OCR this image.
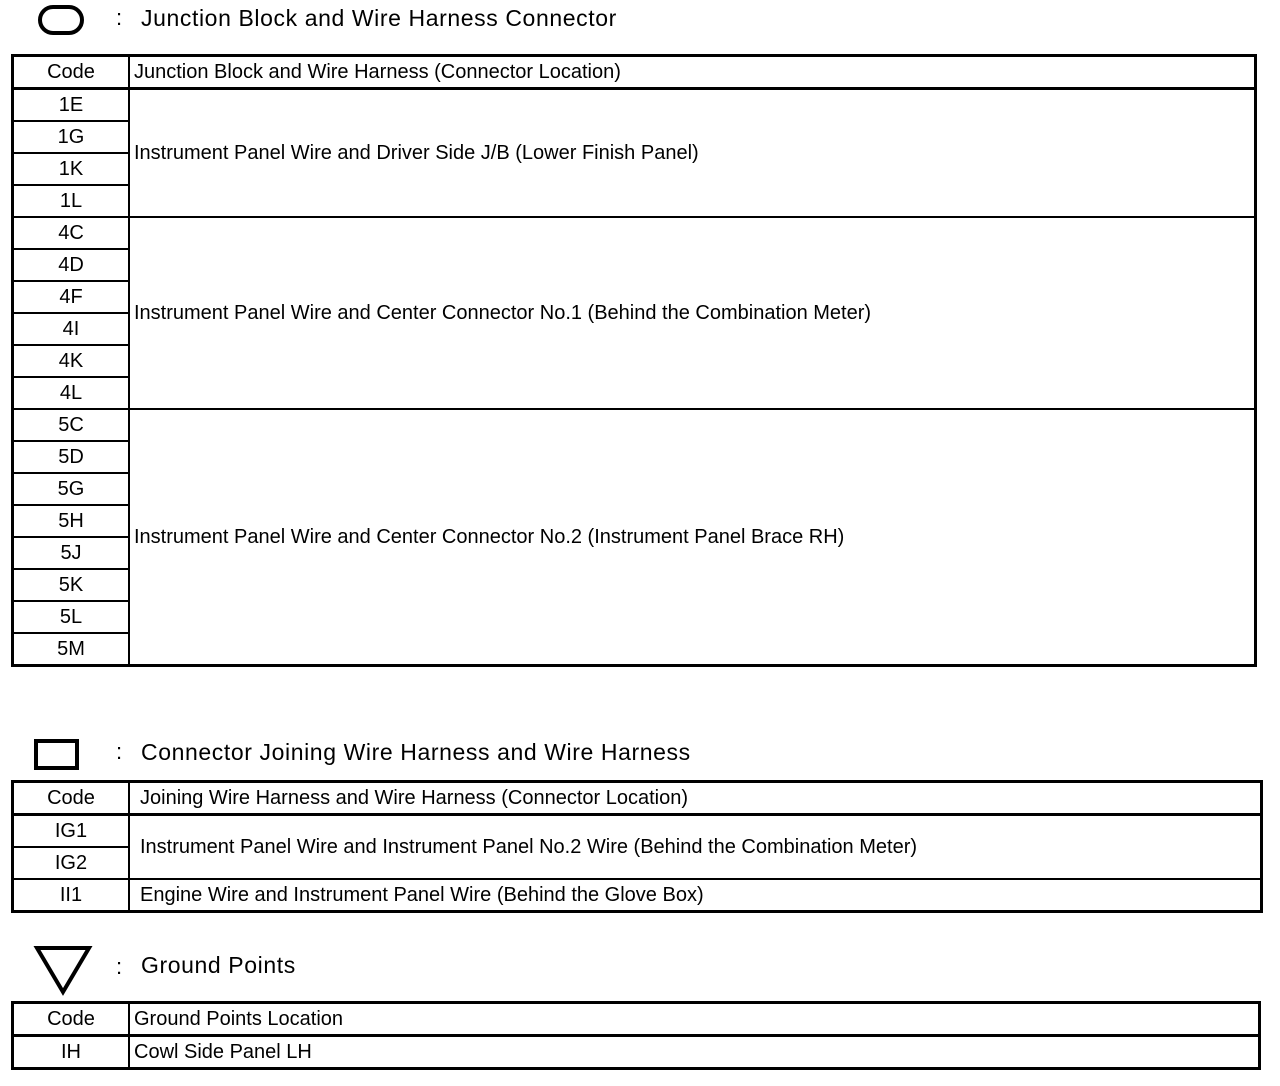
: Junction Block and Wire Harness Connector
Code	Junction Block and Wire Harness (Connector Location)
1E	Instrument Panel Wire and Driver Side J/B (Lower Finish Panel)
1G	
1K	
1L	
4C	Instrument Panel Wire and Center Connector No.1 (Behind the Combination Meter)
4D	
4F	
4I	
4K	
4L	
5C	Instrument Panel Wire and Center Connector No.2 (Instrument Panel Brace RH)
5D	
5G	
5H	
5J	
5K	
5L	
5M	
: Connector Joining Wire Harness and Wire Harness
Code	Joining Wire Harness and Wire Harness (Connector Location)
IG1	Instrument Panel Wire and Instrument Panel No.2 Wire (Behind the Combination Meter)
IG2	
II1	Engine Wire and Instrument Panel Wire (Behind the Glove Box)
: Ground Points
Code	Ground Points Location
IH	Cowl Side Panel LH
